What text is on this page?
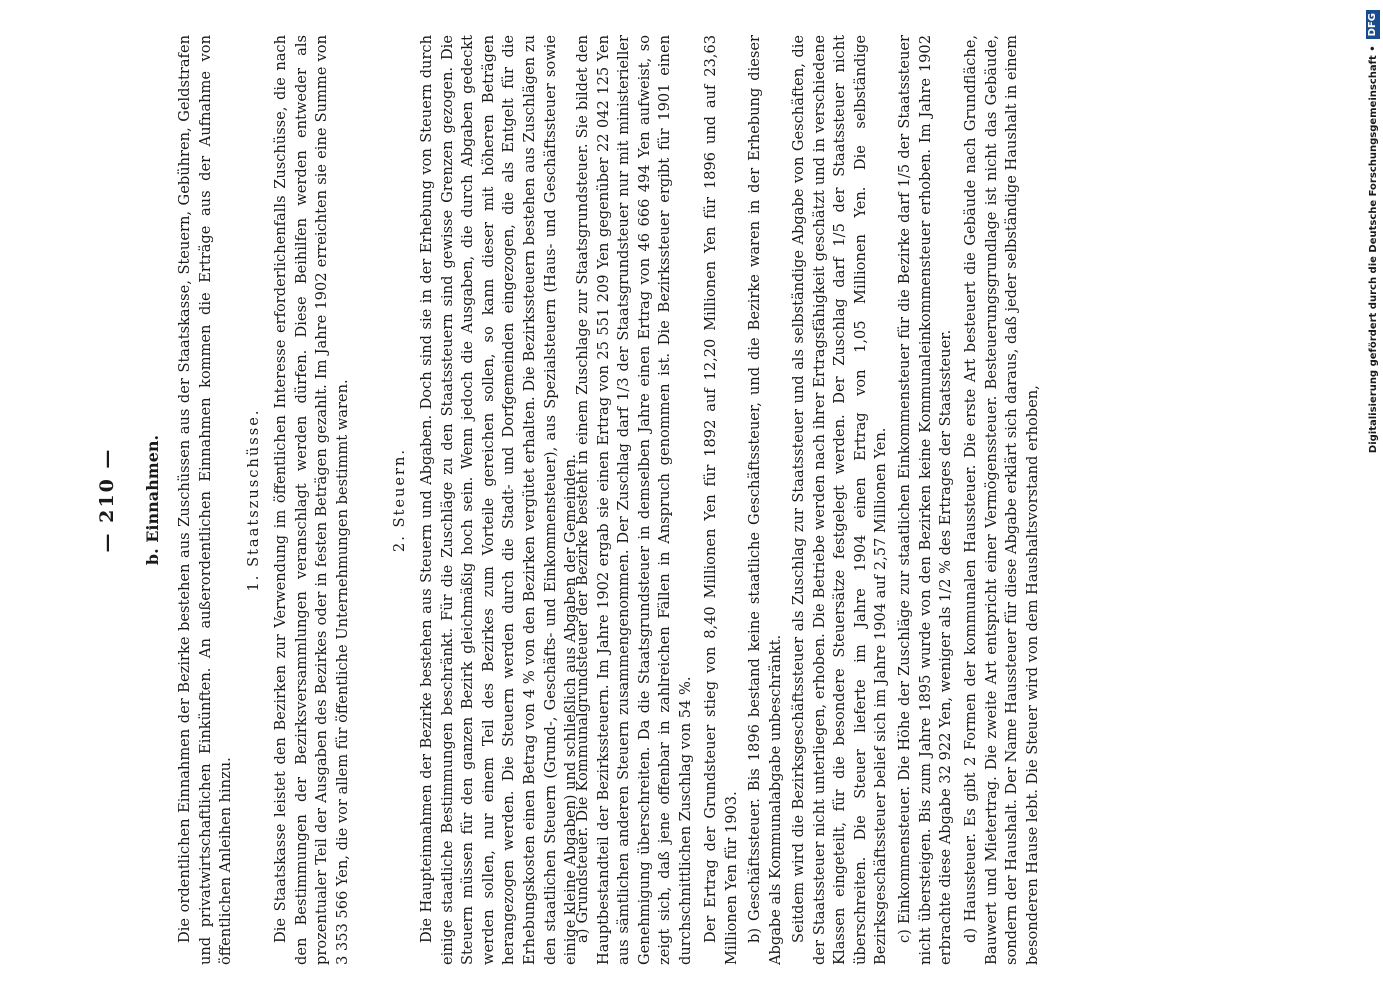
— 210 — b. Einnahmen. Die ordentlichen Einnahmen der Bezirke bestehen aus Zuschüssen aus der Staatskasse, Steuern, Gebühren, Geldstrafen und privatwirtschaftlichen Einkünften. An außerordentlichen Einnahmen kommen die Erträge aus der Aufnahme von öffentlichen Anleihen hinzu.

1. Staatszuschüsse. Die Staatskasse leistet den Bezirken zur Verwendung im öffentlichen Interesse erforderlichenfalls Zuschüsse, die nach den Bestimmungen der Bezirksversammlungen veranschlagt werden dürfen. Diese Beihilfen werden entweder als prozentualer Teil der Ausgaben des Bezirkes oder in festen Beträgen gezahlt. Im Jahre 1902 erreichten sie eine Summe von 3 353 566 Yen, die vor allem für öffentliche Unternehmungen bestimmt waren.	2. Steuern. Die Haupteinnahmen der Bezirke bestehen aus Steuern und Abgaben. Doch sind sie in der Erhebung von Steuern durch einige staatliche Bestimmungen beschränkt. Für die Zuschläge zu den Staatssteuern sind gewisse Grenzen gezogen. Die Steuern müssen für den ganzen Bezirk gleichmäßig hoch sein. Wenn jedoch die Ausgaben, die durch Abgaben gedeckt werden sollen, nur einem Teil des Bezirkes zum Vorteile gereichen sollen, so kann dieser mit höheren Beträgen herangezogen werden. Die Steuern werden durch die Stadt- und Dorfgemeinden eingezogen, die als Entgelt für die Erhebungskosten einen Betrag von 4 % von den Bezirken vergütet erhalten. Die Bezirkssteuern bestehen aus Zuschlägen zu den staatlichen Steuern (Grund-, Geschäfts- und Einkommensteuer), aus Spezialsteuern (Haus- und Geschäftssteuer sowie einige kleine Abgaben) und schließlich aus Abgaben der Gemeinden.

a) Grundsteuer. Die Kommunalgrundsteuer der Bezirke besteht in einem Zuschlage zur Staatsgrundsteuer. Sie bildet den Hauptbestandteil der Bezirkssteuern. Im Jahre 1902 ergab sie einen Ertrag von 25 551 209 Yen gegenüber 22 042 125 Yen aus sämtlichen anderen Steuern zusammengenommen. Der Zuschlag darf 1/3 der Staatsgrundsteuer nur mit ministerieller Genehmigung überschreiten. Da die Staatsgrundsteuer in demselben Jahre einen Ertrag von 46 666 494 Yen aufweist, so zeigt sich, daß jene offenbar in zahlreichen Fällen in Anspruch genommen ist. Die Bezirkssteuer ergibt für 1901 einen durchschnittlichen Zuschlag von 54 %. Der Ertrag der Grundsteuer stieg von 8,40 Millionen Yen für 1892 auf 12,20 Millionen Yen für 1896 und auf 23,63 Millionen Yen für 1903. b) Geschäftssteuer. Bis 1896 bestand keine staatliche Geschäftssteuer, und die Bezirke waren in der Erhebung dieser Abgabe als Kommunalabgabe unbeschränkt. Seitdem wird die Bezirksgeschäftssteuer als Zuschlag zur Staatssteuer und als selbständige Abgabe von Geschäften, die der Staatssteuer nicht unterliegen, erhoben. Die Betriebe werden nach ihrer Ertragsfähigkeit geschätzt und in verschiedene Klassen eingeteilt, für die besondere Steuersätze festgelegt werden. Der Zuschlag darf 1/5 der Staatssteuer nicht überschreiten. Die Steuer lieferte im Jahre 1904 einen Ertrag von 1,05 Millionen Yen. Die selbständige Bezirksgeschäftssteuer belief sich im Jahre 1904 auf 2,57 Millionen Yen. c) Einkommensteuer. Die Höhe der Zuschläge zur staatlichen Einkommensteuer für die Bezirke darf 1/5 der Staatssteuer nicht übersteigen. Bis zum Jahre 1895 wurde von den Bezirken keine Kommunaleinkommensteuer erhoben. Im Jahre 1902 erbrachte diese Abgabe 32 922 Yen, weniger als 1/2 % des Ertrages der Staatssteuer. d) Haussteuer. Es gibt 2 Formen der kommunalen Haussteuer. Die erste Art besteuert die Gebäude nach Grundfläche, Bauwert und Mietertrag. Die zweite Art entspricht einer Vermögenssteuer. Besteuerungsgrundlage ist nicht das Gebäude, sondern der Haushalt. Der Name Haussteuer für diese Abgabe erklärt sich daraus, daß jeder selbständige Haushalt in einem besonderen Hause lebt. Die Steuer wird von dem Haushaltsvorstand erhoben,

Digitalisierung gefördert durch die Deutsche Forschungsgemeinschaft •
DFG
